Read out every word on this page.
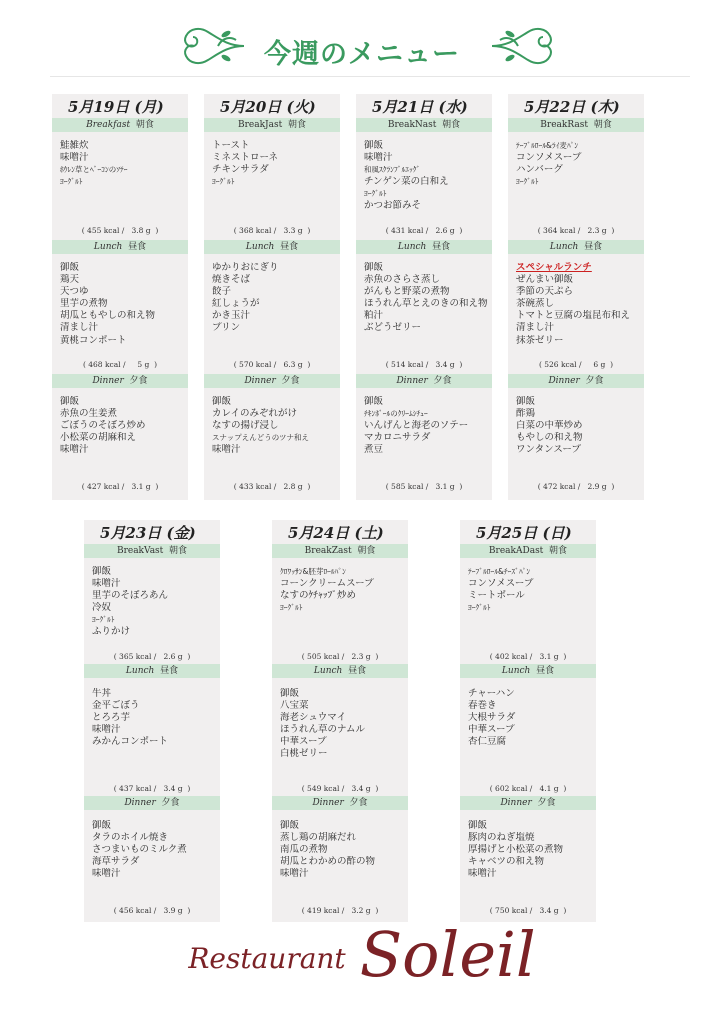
今週のメニュー
5月19日 (月)
Breakfast 朝食
鮭雑炊
味噌汁
ﾎｳﾚﾝ草とﾍﾞｰｺﾝのｿﾃｰ
ﾖｰｸﾞﾙﾄ
( 455 kcal /   3.8 g  )
Lunch 昼食
御飯
鶏天
天つゆ
里芋の煮物
胡瓜ともやしの和え物
清まし汁
黄桃コンポート
( 468 kcal /     5 g  )
Dinner 夕食
御飯
赤魚の生姜煮
ごぼうのそぼろ炒め
小松菜の胡麻和え
味噌汁
( 427 kcal /   3.1 g  )
5月20日 (火)
BreakJast 朝食
トースト
ミネストローネ
チキンサラダ
ﾖｰｸﾞﾙﾄ
( 368 kcal /   3.3 g  )
Lunch 昼食
ゆかりおにぎり
焼きそば
餃子
紅しょうが
かき玉汁
プリン
( 570 kcal /   6.3 g  )
Dinner 夕食
御飯
カレイのみぞれがけ
なすの揚げ浸し
スナップえんどうのツナ和え
味噌汁
( 433 kcal /   2.8 g  )
5月21日 (水)
BreakNast 朝食
御飯
味噌汁
和風ｽｸﾗﾝﾌﾞﾙｴｯｸﾞ
チンゲン菜の白和え
ﾖｰｸﾞﾙﾄ
かつお節みそ
( 431 kcal /   2.6 g  )
Lunch 昼食
御飯
赤魚のさらさ蒸し
がんもと野菜の煮物
ほうれん草とえのきの和え物
粕汁
ぶどうゼリー
( 514 kcal /   3.4 g  )
Dinner 夕食
御飯
ﾁｷﾝﾎﾞｰﾙのｸﾘｰﾑｼﾁｭｰ
いんげんと海老のソテー
マカロニサラダ
煮豆
( 585 kcal /   3.1 g  )
5月22日 (木)
BreakRast 朝食
ﾃｰﾌﾞﾙﾛｰﾙ&ﾗｲ麦ﾊﾟﾝ
コンソメスープ
ハンバーグ
ﾖｰｸﾞﾙﾄ
( 364 kcal /   2.3 g  )
Lunch 昼食
スペシャルランチ
ぜんまい御飯
季節の天ぷら
茶碗蒸し
トマトと豆腐の塩昆布和え
清まし汁
抹茶ゼリー
( 526 kcal /     6 g  )
Dinner 夕食
御飯
酢鶏
白菜の中華炒め
もやしの和え物
ワンタンスープ
( 472 kcal /   2.9 g  )
5月23日 (金)
BreakVast 朝食
御飯
味噌汁
里芋のそぼろあん
冷奴
ﾖｰｸﾞﾙﾄ
ふりかけ
( 365 kcal /   2.6 g  )
Lunch 昼食
牛丼
金平ごぼう
とろろ芋
味噌汁
みかんコンポート
( 437 kcal /   3.4 g  )
Dinner 夕食
御飯
タラのホイル焼き
さつまいものミルク煮
海草サラダ
味噌汁
( 456 kcal /   3.9 g  )
5月24日 (土)
BreakZast 朝食
ｸﾛﾜｯｻﾝ&胚芽ﾛｰﾙﾊﾟﾝ
コーンクリームスープ
なすのｹﾁｬｯﾌﾟ炒め
ﾖｰｸﾞﾙﾄ
( 505 kcal /   2.3 g  )
Lunch 昼食
御飯
八宝菜
海老シュウマイ
ほうれん草のナムル
中華スープ
白桃ゼリー
( 549 kcal /   3.4 g  )
Dinner 夕食
御飯
蒸し鶏の胡麻だれ
南瓜の煮物
胡瓜とわかめの酢の物
味噌汁
( 419 kcal /   3.2 g  )
5月25日 (日)
BreakADast 朝食
ﾃｰﾌﾞﾙﾛｰﾙ&ﾁｰｽﾞﾊﾟﾝ
コンソメスープ
ミートボール
ﾖｰｸﾞﾙﾄ
( 402 kcal /   3.1 g  )
Lunch 昼食
チャーハン
春巻き
大根サラダ
中華スープ
杏仁豆腐
( 602 kcal /   4.1 g  )
Dinner 夕食
御飯
豚肉のねぎ塩焼
厚揚げと小松菜の煮物
キャベツの和え物
味噌汁
( 750 kcal /   3.4 g  )
Restaurant Soleil
